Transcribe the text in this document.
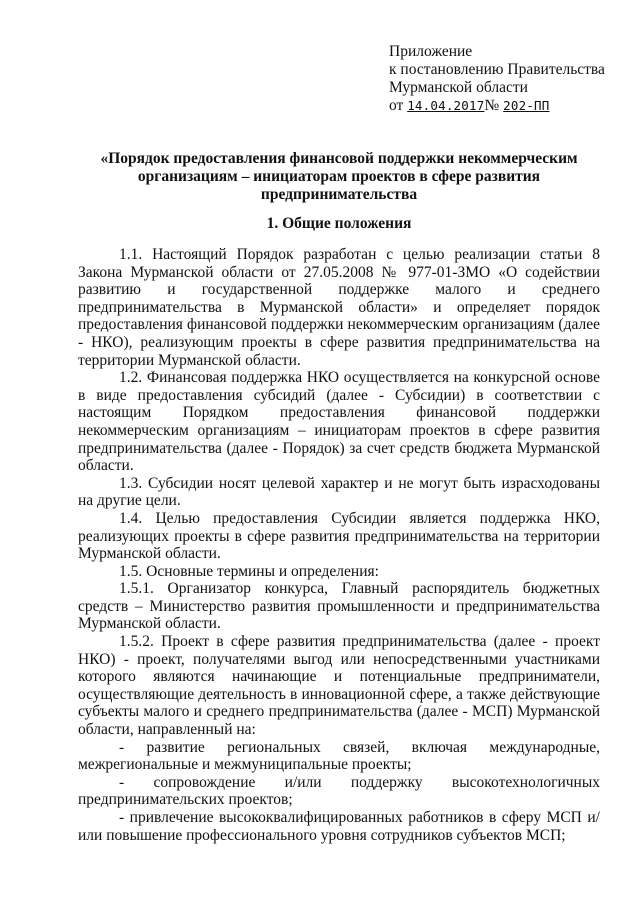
Приложение
к постановлению Правительства
Мурманской области
от 14.04.2017№ 202-ПП
«Порядок предоставления финансовой поддержки некоммерческим организациям – инициаторам проектов в сфере развития предпринимательства
1. Общие положения

1.1. Настоящий Порядок разработан с целью реализации статьи 8 Закона Мурманской области от 27.05.2008 № 977-01-ЗМО «О содействии развитию и государственной поддержке малого и среднего предпринимательства в Мурманской области» и определяет порядок предоставления финансовой поддержки некоммерческим организациям (далее - НКО), реализующим проекты в сфере развития предпринимательства на территории Мурманской области.

1.2. Финансовая поддержка НКО осуществляется на конкурсной основе в виде предоставления субсидий (далее - Субсидии) в соответствии с настоящим Порядком предоставления финансовой поддержки некоммерческим организациям – инициаторам проектов в сфере развития предпринимательства (далее - Порядок) за счет средств бюджета Мурманской области.

1.3. Субсидии носят целевой характер и не могут быть израсходованы на другие цели.

1.4. Целью предоставления Субсидии является поддержка НКО, реализующих проекты в сфере развития предпринимательства на территории Мурманской области.

1.5. Основные термины и определения:

1.5.1. Организатор конкурса, Главный распорядитель бюджетных средств – Министерство развития промышленности и предпринимательства Мурманской области.

1.5.2. Проект в сфере развития предпринимательства (далее - проект НКО) - проект, получателями выгод или непосредственными участниками которого являются начинающие и потенциальные предприниматели, осуществляющие деятельность в инновационной сфере, а также действующие субъекты малого и среднего предпринимательства (далее - МСП) Мурманской области, направленный на:

- развитие региональных связей, включая международные, межрегиональные и межмуниципальные проекты;

- сопровождение и/или поддержку высокотехнологичных предпринимательских проектов;

- привлечение высококвалифицированных работников в сферу МСП и/или повышение профессионального уровня сотрудников субъектов МСП;
